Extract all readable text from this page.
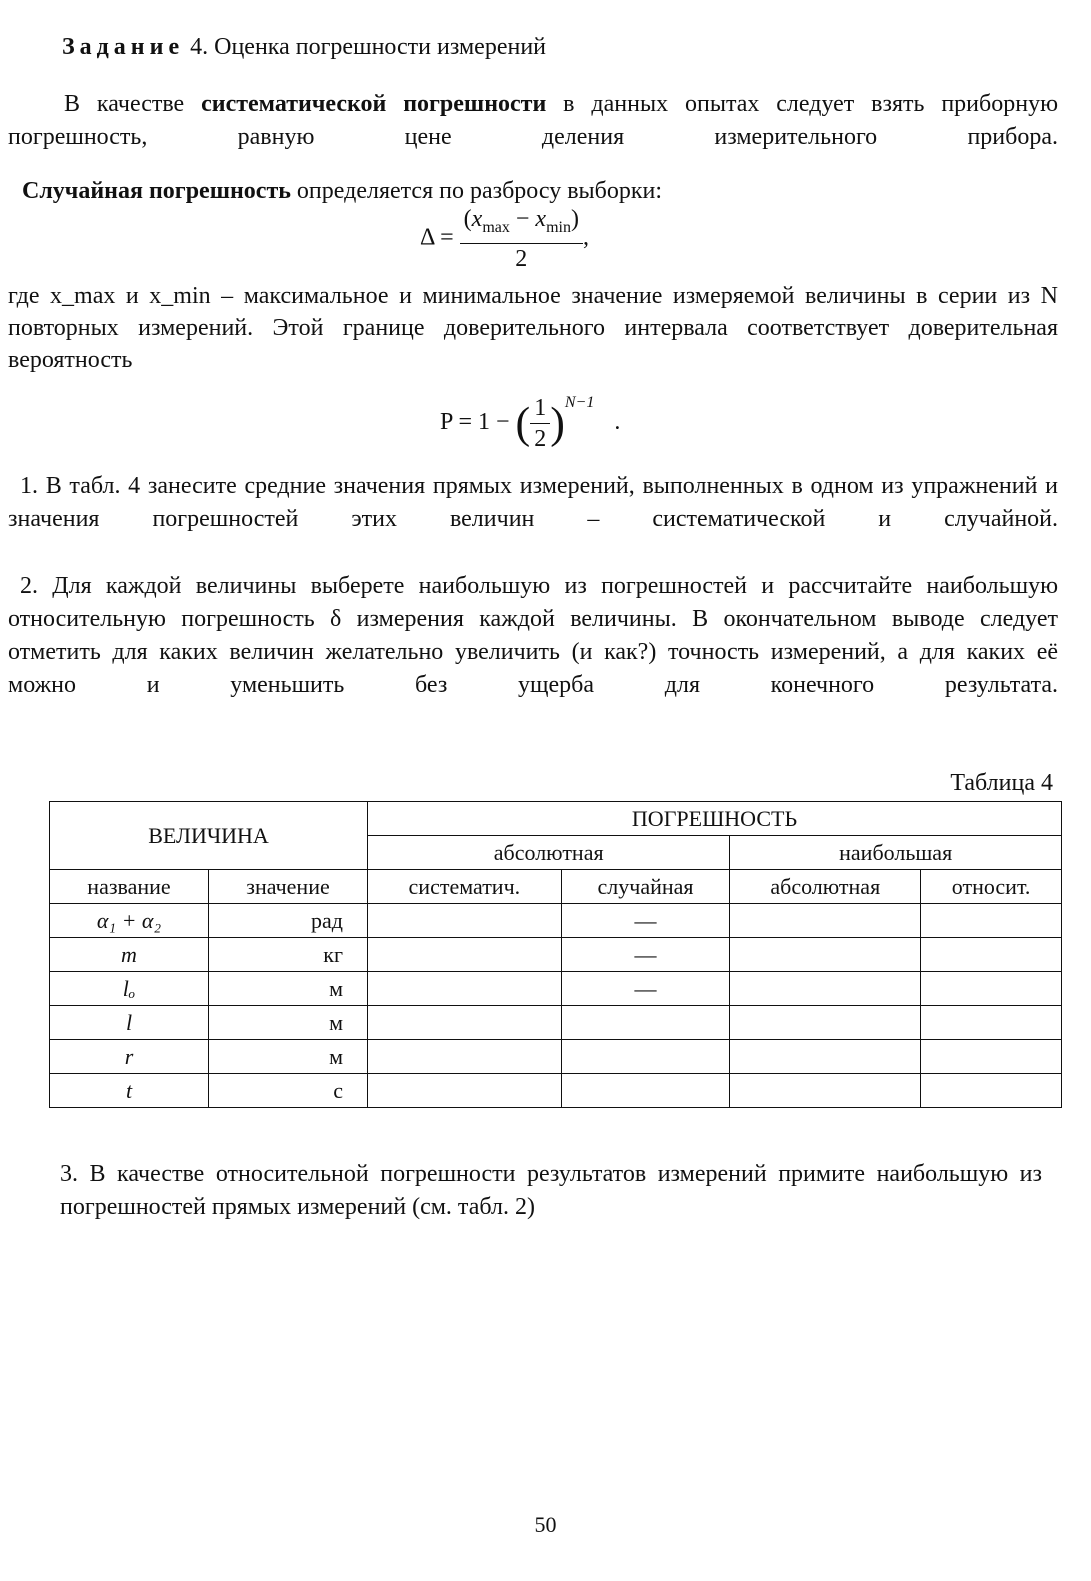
Задание 4. Оценка погрешности измерений
В качестве систематической погрешности в данных опытах следует взять приборную погрешность, равную цене деления измерительного прибора.
Случайная погрешность определяется по разбросу выборки:
$\Delta = \frac{(x_{max} - x_{min})}{2}$ ,
где x_max и x_min – максимальное и минимальное значение измеряемой величины в серии из N повторных измерений. Этой границе доверительного интервала соответствует доверительная вероятность
P = 1 − ( $\frac{1}{2} )^{N-1}$ .
1. В табл. 4 занесите средние значения прямых измерений, выполненных в одном из упражнений и значения погрешностей этих величин – систематической и случайной.
2. Для каждой величины выберете наибольшую из погрешностей и рассчитайте наибольшую относительную погрешность δ измерения каждой величины. В окончательном выводе следует отметить для каких величин желательно увеличить (и как?) точность измерений, а для каких её можно и уменьшить без ущерба для конечного результата.
Таблица 4
ВЕЛИЧИНА		ПОГРЕШНОСТЬ			
		абсолютная		наибольшая	
название	значение	систематич.	случайная	абсолютная	относит.
α₁ + α₂	рад		—		
m	кг		—		
lₒ	м		—		
l	м				
r	м				
t	с				
3. В качестве относительной погрешности результатов измерений примите наибольшую из погрешностей прямых измерений (см. табл. 2)
50
